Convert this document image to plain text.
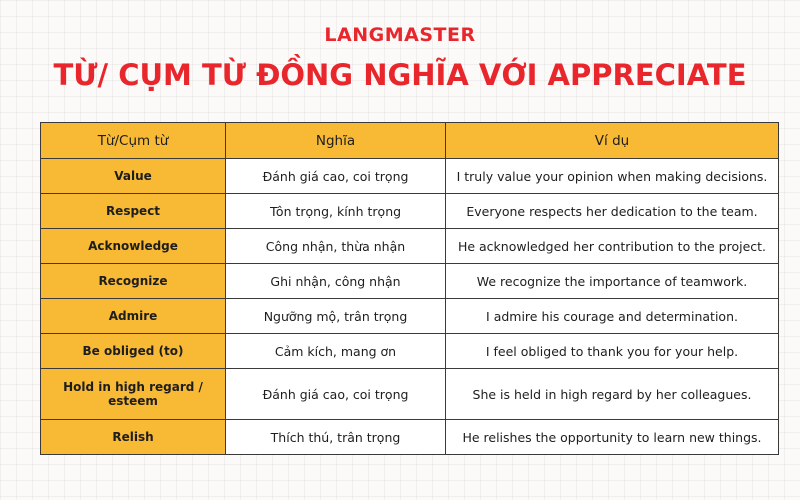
LANGMASTER
TỪ/ CỤM TỪ ĐỒNG NGHĨA VỚI APPRECIATE
Từ/Cụm từ	Nghĩa	Ví dụ
Value	Đánh giá cao, coi trọng	I truly value your opinion when making decisions.
Respect	Tôn trọng, kính trọng	Everyone respects her dedication to the team.
Acknowledge	Công nhận, thừa nhận	He acknowledged her contribution to the project.
Recognize	Ghi nhận, công nhận	We recognize the importance of teamwork.
Admire	Ngưỡng mộ, trân trọng	I admire his courage and determination.
Be obliged (to)	Cảm kích, mang ơn	I feel obliged to thank you for your help.
Hold in high regard / esteem	Đánh giá cao, coi trọng	She is held in high regard by her colleagues.
Relish	Thích thú, trân trọng	He relishes the opportunity to learn new things.
